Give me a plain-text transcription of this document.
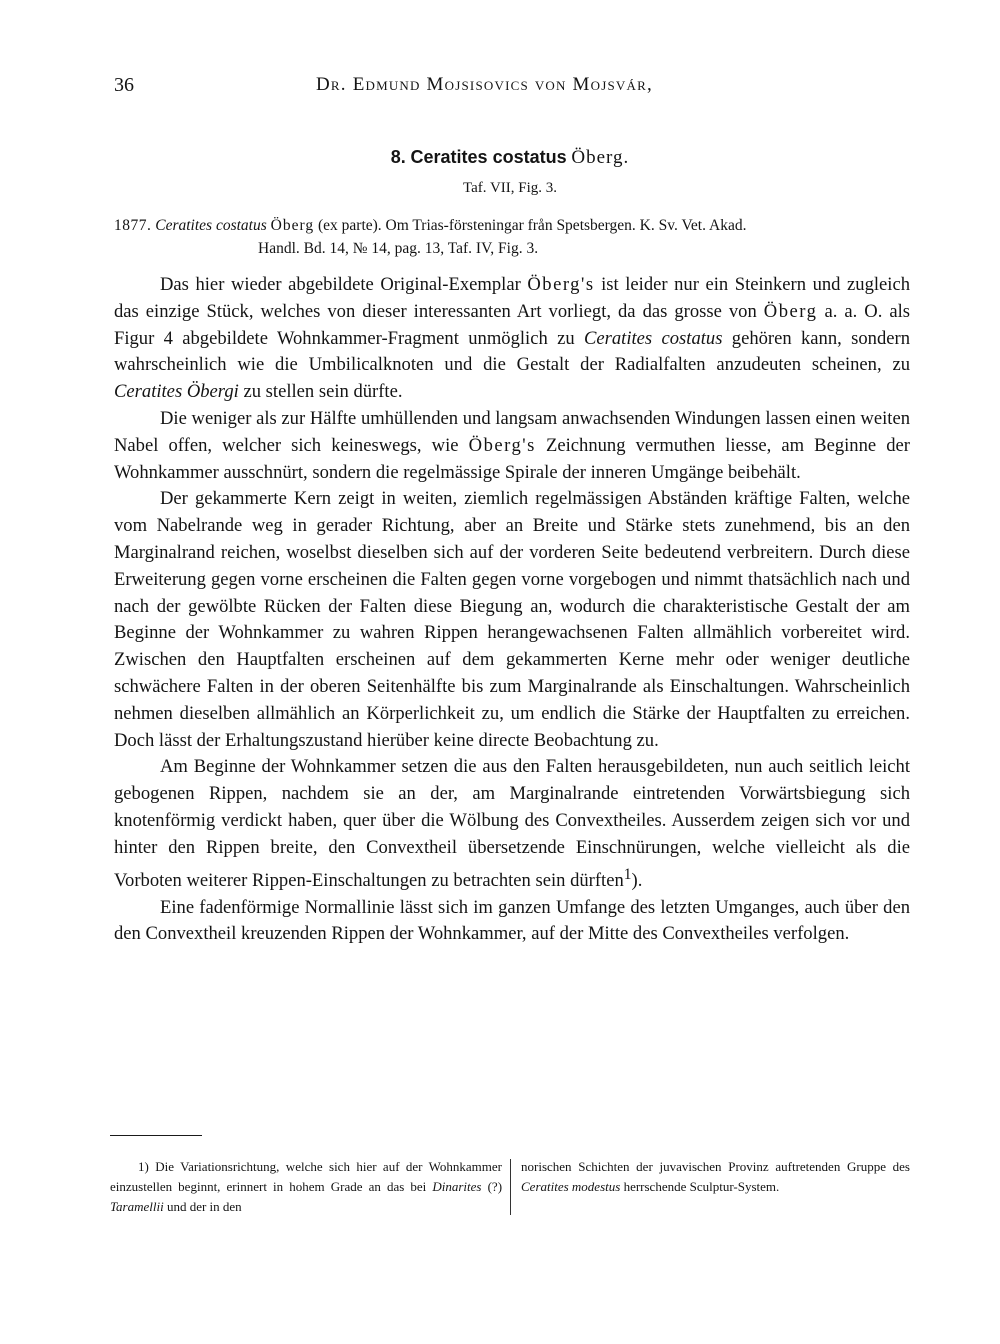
36	Dr. Edmund Mojsisovics von Mojsvár,
8. Ceratites costatus Öberg.
Taf. VII, Fig. 3.
1877. Ceratites costatus Öberg (ex parte). Om Trias-försteningar från Spetsbergen. K. Sv. Vet. Akad.
Handl. Bd. 14, № 14, pag. 13, Taf. IV, Fig. 3.

Das hier wieder abgebildete Original-Exemplar Öberg's ist leider nur ein Steinkern und zugleich das einzige Stück, welches von dieser interessanten Art vorliegt, da das grosse von Öberg a. a. O. als Figur 4 abgebildete Wohnkammer-Fragment unmöglich zu Ceratites costatus gehören kann, sondern wahrscheinlich wie die Umbilicalknoten und die Gestalt der Radialfalten anzudeuten scheinen, zu Ceratites Öbergi zu stellen sein dürfte.

Die weniger als zur Hälfte umhüllenden und langsam anwachsenden Windungen lassen einen weiten Nabel offen, welcher sich keineswegs, wie Öberg's Zeichnung vermuthen liesse, am Beginne der Wohnkammer ausschnürt, sondern die regelmässige Spirale der inneren Umgänge beibehält.

Der gekammerte Kern zeigt in weiten, ziemlich regelmässigen Abständen kräftige Falten, welche vom Nabelrande weg in gerader Richtung, aber an Breite und Stärke stets zunehmend, bis an den Marginalrand reichen, woselbst dieselben sich auf der vorderen Seite bedeutend verbreitern. Durch diese Erweiterung gegen vorne erscheinen die Falten gegen vorne vorgebogen und nimmt thatsächlich nach und nach der gewölbte Rücken der Falten diese Biegung an, wodurch die charakteristische Gestalt der am Beginne der Wohnkammer zu wahren Rippen herangewachsenen Falten allmählich vorbereitet wird. Zwischen den Hauptfalten erscheinen auf dem gekammerten Kerne mehr oder weniger deutliche schwächere Falten in der oberen Seitenhälfte bis zum Marginalrande als Einschaltungen. Wahrscheinlich nehmen dieselben allmählich an Körperlichkeit zu, um endlich die Stärke der Hauptfalten zu erreichen. Doch lässt der Erhaltungszustand hierüber keine directe Beobachtung zu.

Am Beginne der Wohnkammer setzen die aus den Falten herausgebildeten, nun auch seitlich leicht gebogenen Rippen, nachdem sie an der, am Marginalrande eintretenden Vorwärtsbiegung sich knotenförmig verdickt haben, quer über die Wölbung des Convextheiles. Ausserdem zeigen sich vor und hinter den Rippen breite, den Convextheil übersetzende Einschnürungen, welche vielleicht als die Vorboten weiterer Rippen-Einschaltungen zu betrachten sein dürften$^1$).

Eine fadenförmige Normallinie lässt sich im ganzen Umfange des letzten Umganges, auch über den den Convextheil kreuzenden Rippen der Wohnkammer, auf der Mitte des Convextheiles verfolgen.

1) Die Variationsrichtung, welche sich hier auf der Wohnkammer einzustellen beginnt, erinnert in hohem Grade an das bei Dinarites (?) Taramellii und der in den

norischen Schichten der juvavischen Provinz auftretenden Gruppe des Ceratites modestus herrschende Sculptur-System.
